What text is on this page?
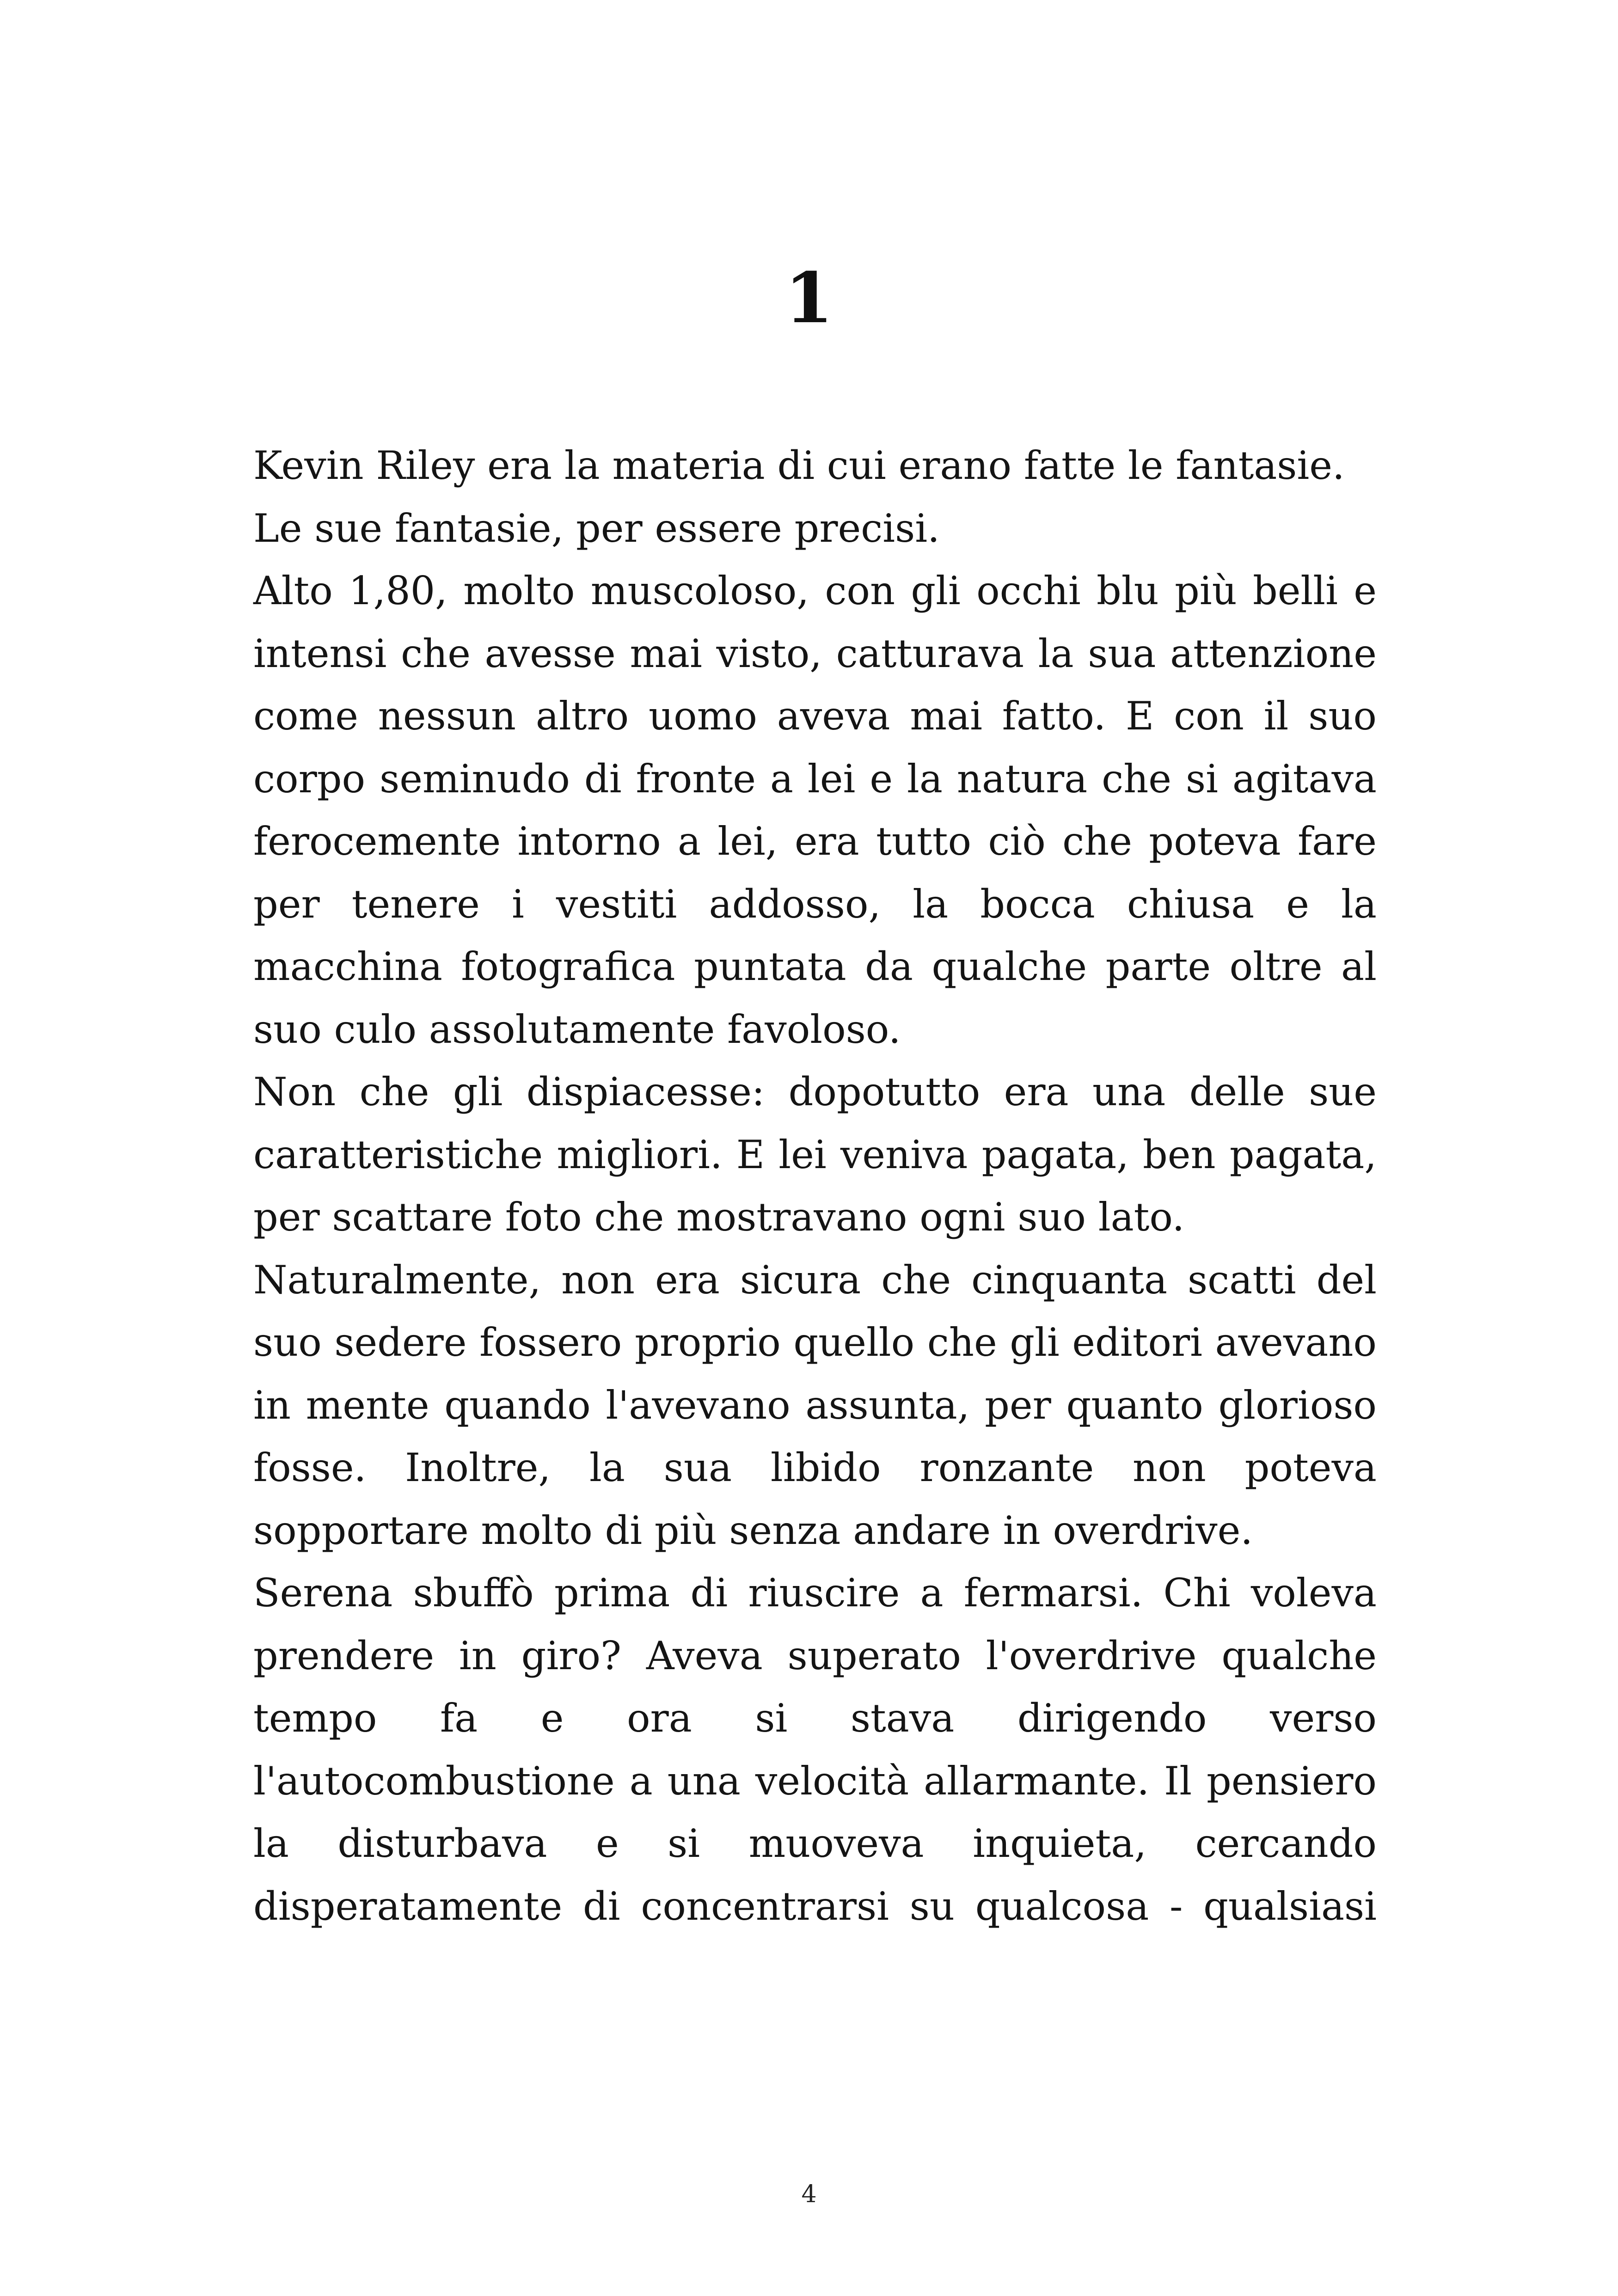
1

Kevin Riley era la materia di cui erano fatte le fantasie.

Le sue fantasie, per essere precisi.

Alto 1,80, molto muscoloso, con gli occhi blu più belli e intensi che avesse mai visto, catturava la sua attenzione come nessun altro uomo aveva mai fatto. E con il suo corpo seminudo di fronte a lei e la natura che si agitava ferocemente intorno a lei, era tutto ciò che poteva fare per tenere i vestiti addosso, la bocca chiusa e la macchina fotografica puntata da qualche parte oltre al suo culo assolutamente favoloso.

Non che gli dispiacesse: dopotutto era una delle sue caratteristiche migliori. E lei veniva pagata, ben pagata, per scattare foto che mostravano ogni suo lato.

Naturalmente, non era sicura che cinquanta scatti del suo sedere fossero proprio quello che gli editori avevano in mente quando l'avevano assunta, per quanto glorioso fosse. Inoltre, la sua libido ronzante non poteva sopportare molto di più senza andare in overdrive.

Serena sbuffò prima di riuscire a fermarsi. Chi voleva prendere in giro? Aveva superato l'overdrive qualche tempo fa e ora si stava dirigendo verso l'autocombustione a una velocità allarmante. Il pensiero la disturbava e si muoveva inquieta, cercando disperatamente di concentrarsi su qualcosa - qualsiasi

4
